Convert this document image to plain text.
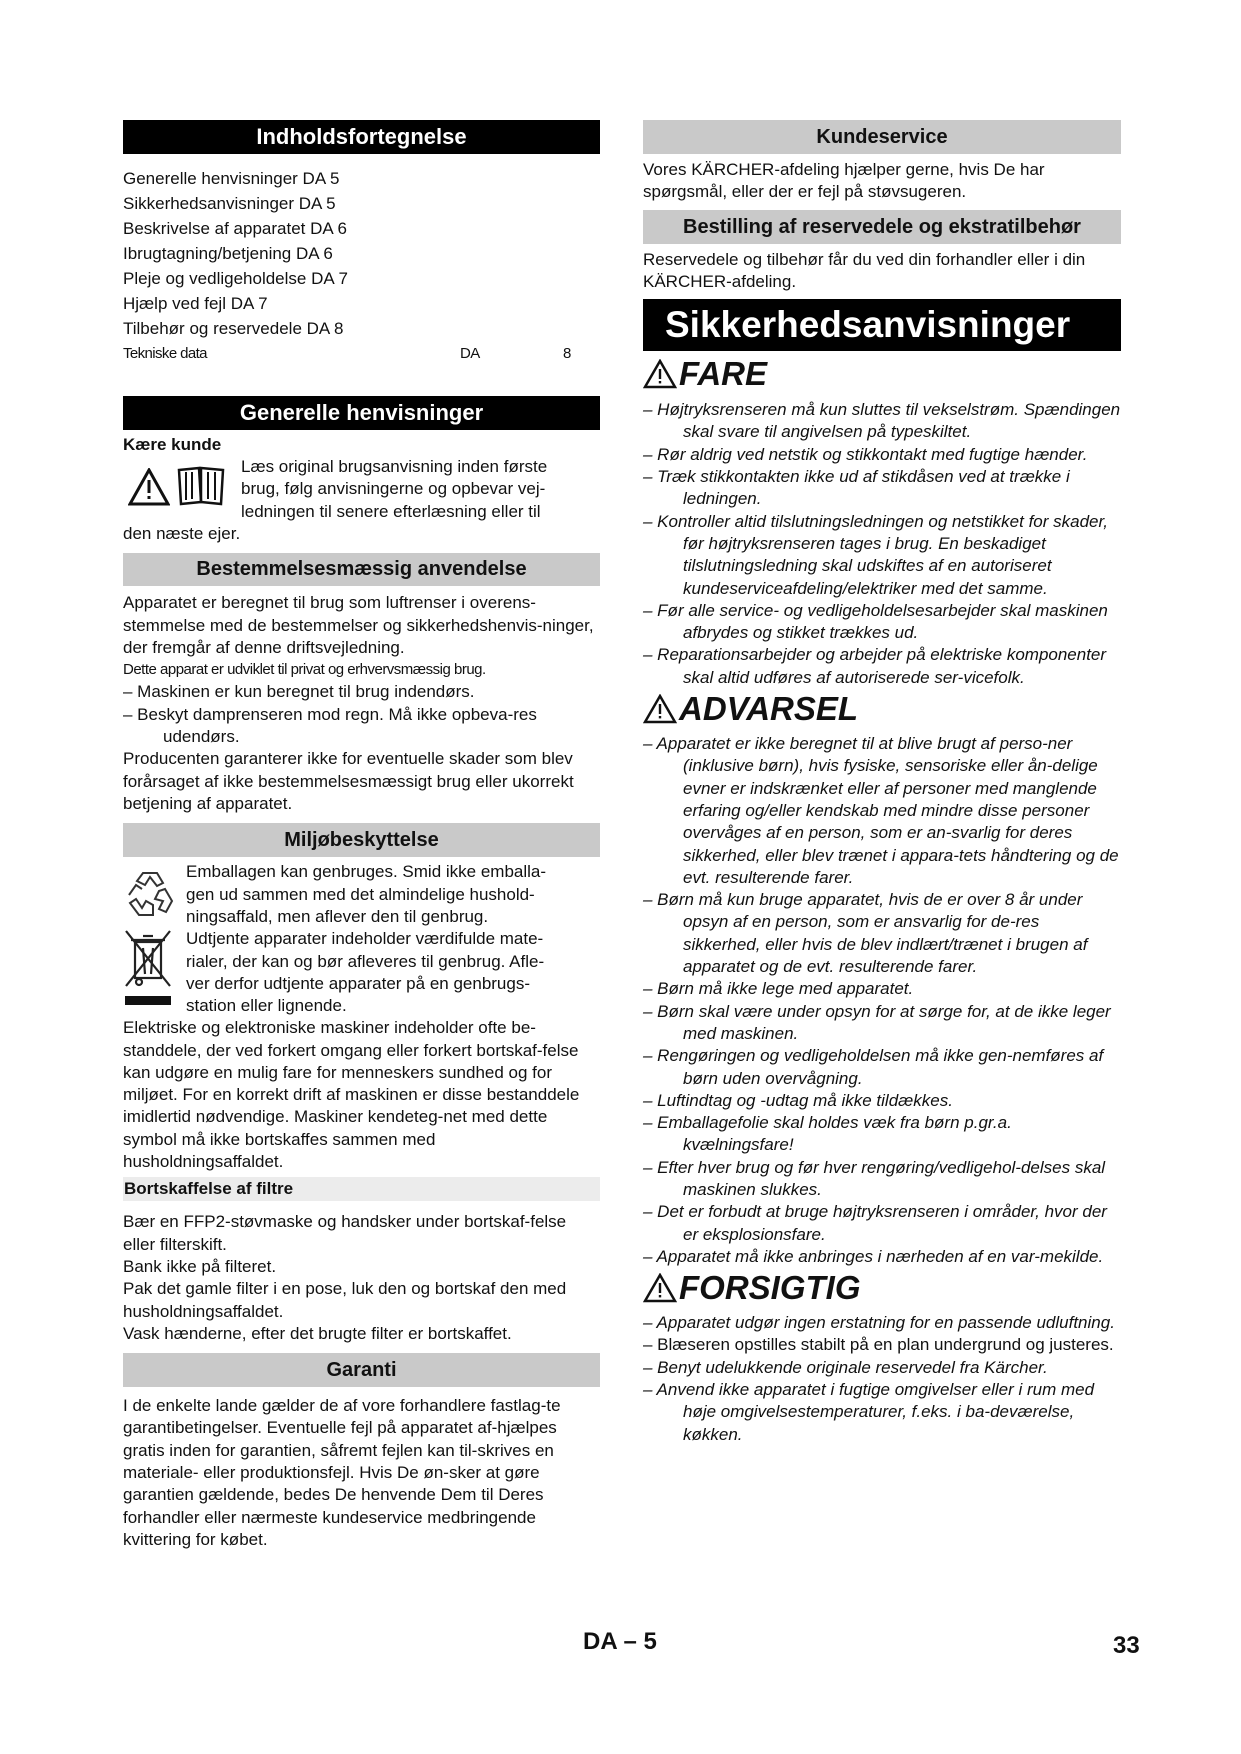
Indholdsfortegnelse
Generelle henvisninger DA 5
Sikkerhedsanvisninger DA 5
Beskrivelse af apparatet DA 6
Ibrugtagning/betjening DA 6
Pleje og vedligeholdelse DA 7
Hjælp ved fejl DA 7
Tilbehør og reservedele DA 8
Tekniske data	DA	8
Generelle henvisninger
Kære kunde
Læs original brugsanvisning inden første
brug, følg anvisningerne og opbevar vej-
ledningen til senere efterlæsning eller til
den næste ejer.
Bestemmelsesmæssig anvendelse
Apparatet er beregnet til brug som luftrenser i overens-stemmelse med de bestemmelser og sikkerhedshenvis-ninger, der fremgår af denne driftsvejledning.
Dette apparat er udviklet til privat og erhvervsmæssig brug.
– Maskinen er kun beregnet til brug indendørs.
– Beskyt damprenseren mod regn. Må ikke opbeva-res udendørs.
Producenten garanterer ikke for eventuelle skader som blev forårsaget af ikke bestemmelsesmæssigt brug eller ukorrekt betjening af apparatet.
Miljøbeskyttelse
Emballagen kan genbruges. Smid ikke emballa-
gen ud sammen med det almindelige hushold-
ningsaffald, men aflever den til genbrug.
Udtjente apparater indeholder værdifulde mate-
rialer, der kan og bør afleveres til genbrug. Afle-
ver derfor udtjente apparater på en genbrugs-
station eller lignende.
Elektriske og elektroniske maskiner indeholder ofte be-standdele, der ved forkert omgang eller forkert bortskaf-felse kan udgøre en mulig fare for menneskers sundhed og for miljøet. For en korrekt drift af maskinen er disse bestanddele imidlertid nødvendige. Maskiner kendeteg-net med dette symbol må ikke bortskaffes sammen med husholdningsaffaldet.
Bortskaffelse af filtre
Bær en FFP2-støvmaske og handsker under bortskaf-felse eller filterskift.
Bank ikke på filteret.
Pak det gamle filter i en pose, luk den og bortskaf den med husholdningsaffaldet.
Vask hænderne, efter det brugte filter er bortskaffet.
Garanti
I de enkelte lande gælder de af vore forhandlere fastlag-te garantibetingelser. Eventuelle fejl på apparatet af-hjælpes gratis inden for garantien, såfremt fejlen kan til-skrives en materiale- eller produktionsfejl. Hvis De øn-sker at gøre garantien gældende, bedes De henvende Dem til Deres forhandler eller nærmeste kundeservice medbringende kvittering for købet.
Kundeservice
Vores KÄRCHER-afdeling hjælper gerne, hvis De har spørgsmål, eller der er fejl på støvsugeren.
Bestilling af reservedele og ekstratilbehør
Reservedele og tilbehør får du ved din forhandler eller i din KÄRCHER-afdeling.
Sikkerhedsanvisninger
FARE
– Højtryksrenseren må kun sluttes til vekselstrøm. Spændingen skal svare til angivelsen på typeskiltet.
– Rør aldrig ved netstik og stikkontakt med fugtige hænder.
– Træk stikkontakten ikke ud af stikdåsen ved at trække i ledningen.
– Kontroller altid tilslutningsledningen og netstikket for skader, før højtryksrenseren tages i brug. En beskadiget tilslutningsledning skal udskiftes af en autoriseret kundeserviceafdeling/elektriker med det samme.
– Før alle service- og vedligeholdelsesarbejder skal maskinen afbrydes og stikket trækkes ud.
– Reparationsarbejder og arbejder på elektriske komponenter skal altid udføres af autoriserede ser-vicefolk.
ADVARSEL
– Apparatet er ikke beregnet til at blive brugt af perso-ner (inklusive børn), hvis fysiske, sensoriske eller ån-delige evner er indskrænket eller af personer med manglende erfaring og/eller kendskab med mindre disse personer overvåges af en person, som er an-svarlig for deres sikkerhed, eller blev trænet i appara-tets håndtering og de evt. resulterende farer.
– Børn må kun bruge apparatet, hvis de er over 8 år under opsyn af en person, som er ansvarlig for de-res sikkerhed, eller hvis de blev indlært/trænet i brugen af apparatet og de evt. resulterende farer.
– Børn må ikke lege med apparatet.
– Børn skal være under opsyn for at sørge for, at de ikke leger med maskinen.
– Rengøringen og vedligeholdelsen må ikke gen-nemføres af børn uden overvågning.
– Luftindtag og -udtag må ikke tildækkes.
– Emballagefolie skal holdes væk fra børn p.gr.a. kvælningsfare!
– Efter hver brug og før hver rengøring/vedligehol-delses skal maskinen slukkes.
– Det er forbudt at bruge højtryksrenseren i områder, hvor der er eksplosionsfare.
– Apparatet må ikke anbringes i nærheden af en var-mekilde.
FORSIGTIG
– Apparatet udgør ingen erstatning for en passende udluftning.
– Blæseren opstilles stabilt på en plan undergrund og justeres.
– Benyt udelukkende originale reservedel fra Kärcher.
– Anvend ikke apparatet i fugtige omgivelser eller i rum med høje omgivelsestemperaturer, f.eks. i ba-deværelse, køkken.
DA – 5	33
